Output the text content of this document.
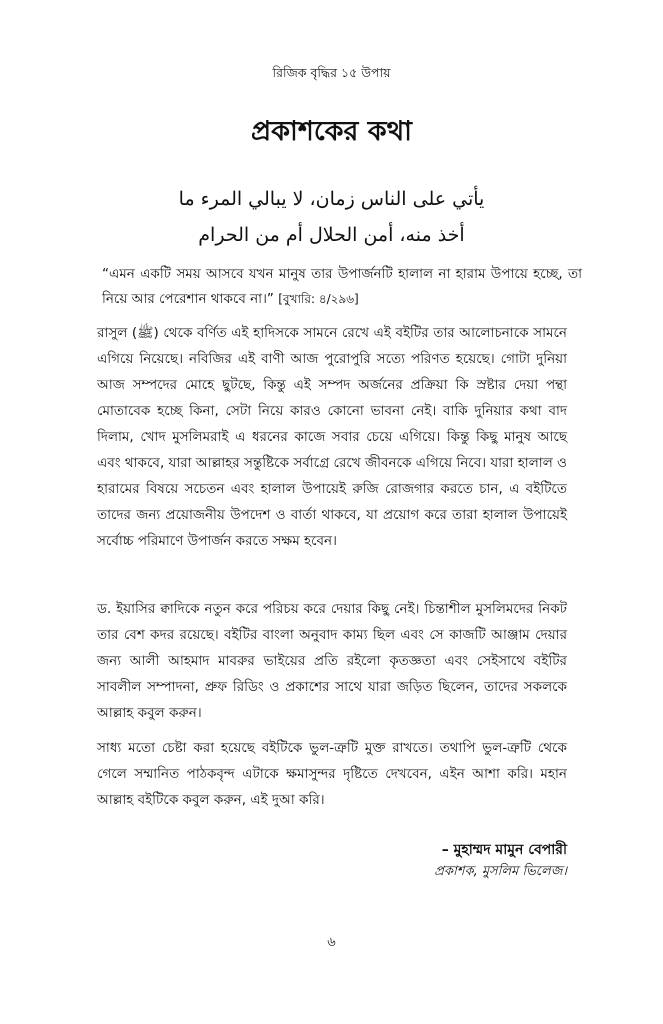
রিজিক বৃদ্ধির ১৫ উপায়
প্রকাশকের কথা
يأتي على الناس زمان، لا يبالي المرء ما
أخذ منه، أمن الحلال أم من الحرام
“এমন একটি সময় আসবে যখন মানুষ তার উপার্জনটি হালাল না হারাম উপায়ে হচ্ছে, তা নিয়ে আর পেরেশান থাকবে না।” [বুখারি: ৪/২৯৬]
রাসুল (ﷺ) থেকে বর্ণিত এই হাদিসকে সামনে রেখে এই বইটির তার আলোচনাকে সামনে এগিয়ে নিয়েছে। নবিজির এই বাণী আজ পুরোপুরি সত্যে পরিণত হয়েছে। গোটা দুনিয়া আজ সম্পদের মোহে ছুটছে, কিন্তু এই সম্পদ অর্জনের প্রক্রিয়া কি স্রষ্টার দেয়া পন্থা মোতাবেক হচ্ছে কিনা, সেটা নিয়ে কারও কোনো ভাবনা নেই। বাকি দুনিয়ার কথা বাদ দিলাম, খোদ মুসলিমরাই এ ধরনের কাজে সবার চেয়ে এগিয়ে। কিন্তু কিছু মানুষ আছে এবং থাকবে, যারা আল্লাহর সন্তুষ্টিকে সর্বাগ্রে রেখে জীবনকে এগিয়ে নিবে। যারা হালাল ও হারামের বিষয়ে সচেতন এবং হালাল উপায়েই রুজি রোজগার করতে চান, এ বইটিতে তাদের জন্য প্রয়োজনীয় উপদেশ ও বার্তা থাকবে, যা প্রয়োগ করে তারা হালাল উপায়েই সর্বোচ্চ পরিমাণে উপার্জন করতে সক্ষম হবেন।
ড. ইয়াসির ক্বাদিকে নতুন করে পরিচয় করে দেয়ার কিছু নেই। চিন্তাশীল মুসলিমদের নিকট তার বেশ কদর রয়েছে। বইটির বাংলা অনুবাদ কাম্য ছিল এবং সে কাজটি আঞ্জাম দেয়ার জন্য আলী আহমাদ মাবরুর ভাইয়ের প্রতি রইলো কৃতজ্ঞতা এবং সেইসাথে বইটির সাবলীল সম্পাদনা, প্রুফ রিডিং ও প্রকাশের সাথে যারা জড়িত ছিলেন, তাদের সকলকে আল্লাহ কবুল করুন।
সাধ্য মতো চেষ্টা করা হয়েছে বইটিকে ভুল-ত্রুটি মুক্ত রাখতে। তথাপি ভুল-ত্রুটি থেকে গেলে সম্মানিত পাঠকবৃন্দ এটাকে ক্ষমাসুন্দর দৃষ্টিতে দেখবেন, এইন আশা করি। মহান আল্লাহ বইটিকে কবুল করুন, এই দুআ করি।
– মুহাম্মদ মামুন বেপারী
প্রকাশক, মুসলিম ভিলেজ।
৬
